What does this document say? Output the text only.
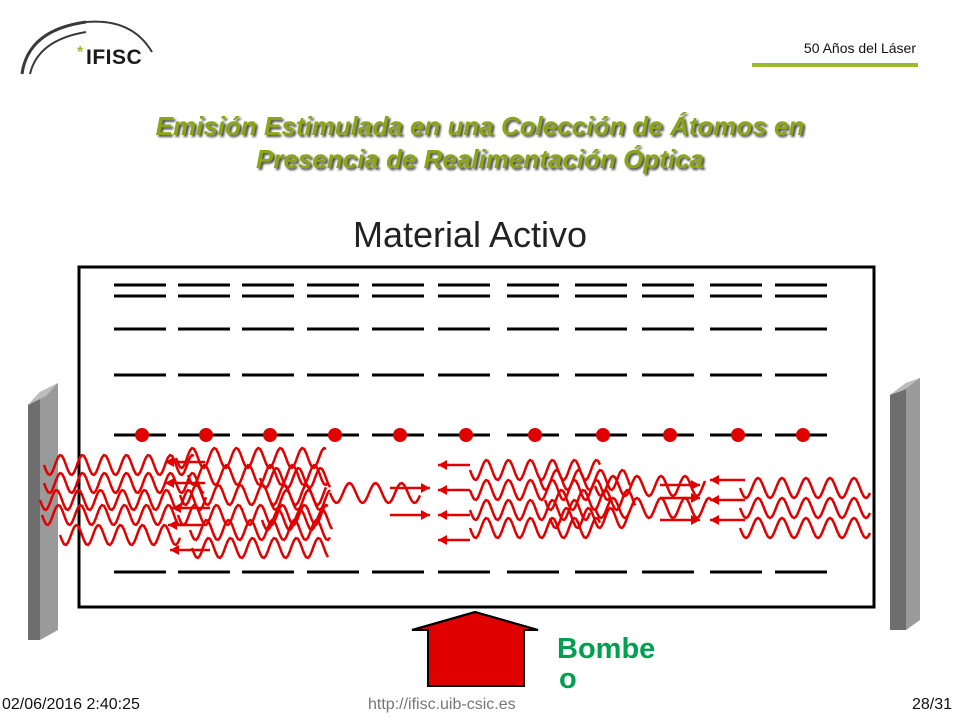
* IFISC	50 Años del Láser
Emisión Estimulada en una Colección de Átomos en
Presencia de Realimentación Óptica
Material Activo
Bombe
o
02/06/2016 2:40:25	http://ifisc.uib-csic.es	28/31
